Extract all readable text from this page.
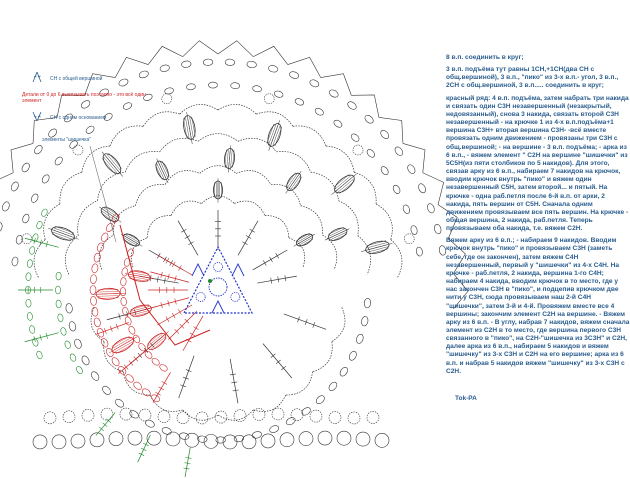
СН с общей вершиной
Детали от 0 до 6 вывязывать поэтапно - это всё один элемент
СН с одним основанием
элементы "шишечка"

8 в.п. соединить в круг;

3 в.п. подъёма тут равны 1СН,+1СН(два СН с общ.вершиной), 3 в.п., "пико" из 3-х в.п.- угол, 3 в.п., 2СН с общ.вершиной, 3 в.п..... соединить в круг;

красный ряд: 4 в.п. подъёма, затем набрать три накида и связать один С3Н незавершенный (незакрытый, недовязанный), снова 3 накида, связать второй С3Н незавершенный - на крючке 1 из 4-х в.п.подъёма+1 вершина С3Н+ вторая вершина С3Н- -всё вместе провязать одним движением - провязаны три С3Н с общ.вершиной; - на вершине - 3 в.п. подъёма; - арка из 6 в.п., - вяжем элемент " С2Н на вершине "шишечки" из 5С5Н(из пяти столбиков по 5 накидов). Для этого, связав арку из 6 в.п., набираем 7 накидов на крючок, вводим крючок внутрь "пико" и вяжем один незавершенный С5Н, затем второй... и пятый. На крючке - одна раб.петля после 6-й в.п. от арки, 2 накида, пять вершин от С5Н. Сначала одним движением провязываем все пять вершин. На крючке - общая вершина, 2 накида, раб.петля. Теперь провязываем оба накида, т.е. вяжем С2Н.

Вяжем арку из 6 в.п.; - набираем 9 накидов. Вводим крючок внутрь "пико" и провязываем С3Н (заметь себе, где он закончен), затем вяжем С4Н незавершенный, первый у "шишечки" из 4-х С4Н. На крючке - раб.петля, 2 накида, вершина 1-го С4Н; набираем 4 накида, вводим крючок в то место, где у нас закончен С3Н в "пико", и подцепив крючком две нити у С3Н, сюда провязываем наш 2-й С4Н "шишечки", затем 3-й и 4-й. Провяжем вместе все 4 вершины; закончим элемент С2Н на вершине. - Вяжем арку из 6 в.п. - В углу, набрав 7 накидов, вяжем сначала элемент из С2Н в то место, где вершина первого С3Н связанного в "пико", на С2Н-"шишечка из 3С3Н" и С2Н, далее арка из 6 в.п., набираем 5 накидов и вяжем "шишечку" из 3-х С3Н и С2Н на его вершине; арка из 6 в.п. и набрав 5 накидов вяжем "шишечку" из 3-х С3Н с С2Н.

Tok-PA
